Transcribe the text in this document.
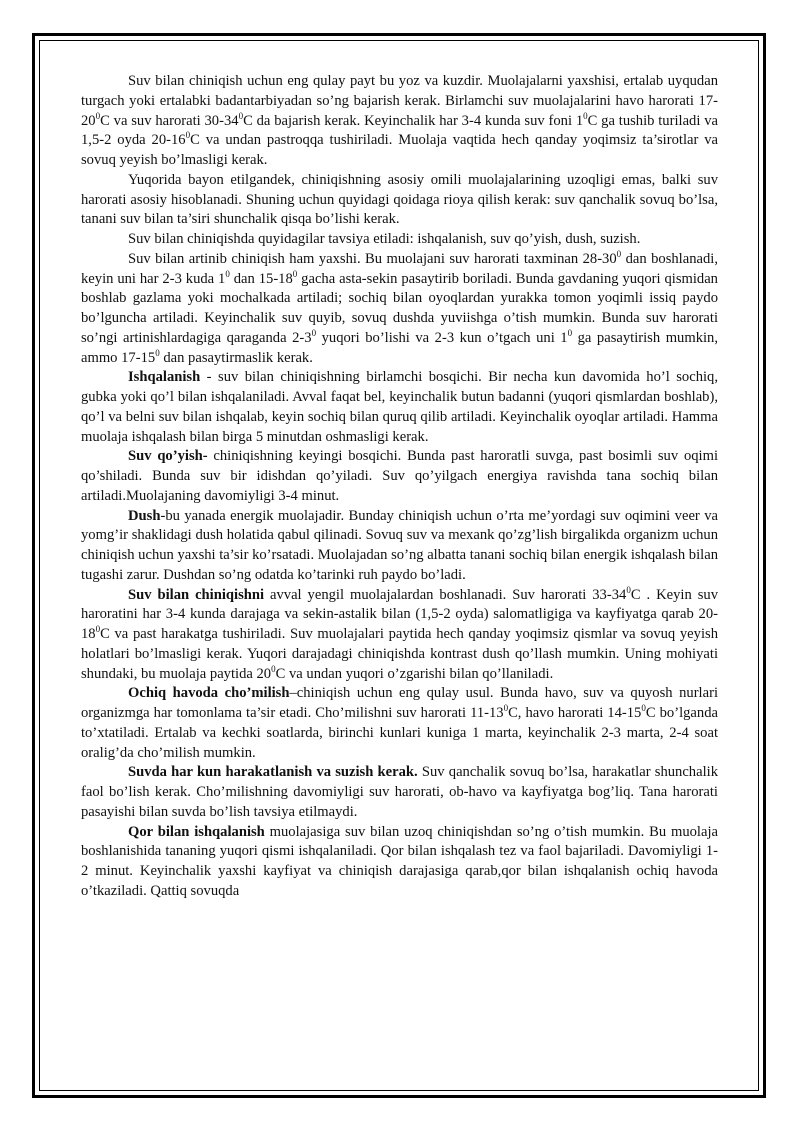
Suv bilan chiniqish uchun eng qulay payt bu yoz va kuzdir. Muolajalarni yaxshisi, ertalab uyqudan turgach yoki ertalabki badantarbiyadan so’ng bajarish kerak. Birlamchi suv muolajalarini havo harorati $17-20^0C$ va suv harorati $30-34^0C$ da bajarish kerak. Keyinchalik har 3-4 kunda suv foni $1^0C$ ga tushib turiladi va 1,5-2 oyda $20-16^0C$ va undan pastroqqa tushiriladi. Muolaja vaqtida hech qanday yoqimsiz ta’sirotlar va sovuq yeyish bo’lmasligi kerak.

Yuqorida bayon etilgandek, chiniqishning asosiy omili muolajalarining uzoqligi emas, balki suv harorati asosiy hisoblanadi. Shuning uchun quyidagi qoidaga rioya qilish kerak: suv qanchalik sovuq bo’lsa, tanani suv bilan ta’siri shunchalik qisqa bo’lishi kerak.

Suv bilan chiniqishda quyidagilar tavsiya etiladi: ishqalanish, suv qo’yish, dush, suzish.

Suv bilan artinib chiniqish ham yaxshi. Bu muolajani suv harorati taxminan $28-30^0$ dan boshlanadi, keyin uni har 2-3 kuda $1^0$ dan $15-18^0$ gacha asta-sekin pasaytirib boriladi. Bunda gavdaning yuqori qismidan boshlab gazlama yoki mochalkada artiladi; sochiq bilan oyoqlardan yurakka tomon yoqimli issiq paydo bo’lguncha artiladi. Keyinchalik suv quyib, sovuq dushda yuviishga o’tish mumkin. Bunda suv harorati so’ngi artinishlardagiga qaraganda $2-3^0$ yuqori bo’lishi va 2-3 kun o’tgach uni $1^0$ ga pasaytirish mumkin, ammo $17-15^0$ dan pasaytirmaslik kerak.

Ishqalanish - suv bilan chiniqishning birlamchi bosqichi. Bir necha kun davomida ho’l sochiq, gubka yoki qo’l bilan ishqalaniladi. Avval faqat bel, keyinchalik butun badanni (yuqori qismlardan boshlab), qo’l va belni suv bilan ishqalab, keyin sochiq bilan quruq qilib artiladi. Keyinchalik oyoqlar artiladi. Hamma muolaja ishqalash bilan birga 5 minutdan oshmasligi kerak.

Suv qo’yish- chiniqishning keyingi bosqichi. Bunda past haroratli suvga, past bosimli suv oqimi qo’shiladi. Bunda suv bir idishdan qo’yiladi. Suv qo’yilgach energiya ravishda tana sochiq bilan artiladi.Muolajaning davomiyligi 3-4 minut.

Dush-bu yanada energik muolajadir. Bunday chiniqish uchun o’rta me’yordagi suv oqimini veer va yomg’ir shaklidagi dush holatida qabul qilinadi. Sovuq suv va mexank qo’zg’lish birgalikda organizm uchun chiniqish uchun yaxshi ta’sir ko’rsatadi. Muolajadan so’ng albatta tanani sochiq bilan energik ishqalash bilan tugashi zarur. Dushdan so’ng odatda ko’tarinki ruh paydo bo’ladi.

Suv bilan chiniqishni avval yengil muolajalardan boshlanadi. Suv harorati $33-34^0C$ . Keyin suv haroratini har 3-4 kunda darajaga va sekin-astalik bilan (1,5-2 oyda) salomatligiga va kayfiyatga qarab $20-18^0C$ va past harakatga tushiriladi. Suv muolajalari paytida hech qanday yoqimsiz qismlar va sovuq yeyish holatlari bo’lmasligi kerak. Yuqori darajadagi chiniqishda kontrast dush qo’llash mumkin. Uning mohiyati shundaki, bu muolaja paytida $20^0C$ va undan yuqori o’zgarishi bilan qo’llaniladi.

Ochiq havoda cho’milish–chiniqish uchun eng qulay usul. Bunda havo, suv va quyosh nurlari organizmga har tomonlama ta’sir etadi. Cho’milishni suv harorati $11-13^0C$, havo harorati $14-15^0C$ bo’lganda to’xtatiladi. Ertalab va kechki soatlarda, birinchi kunlari kuniga 1 marta, keyinchalik 2-3 marta, 2-4 soat oralig’da cho’milish mumkin.

Suvda har kun harakatlanish va suzish kerak. Suv qanchalik sovuq bo’lsa, harakatlar shunchalik faol bo’lish kerak. Cho’milishning davomiyligi suv harorati, ob-havo va kayfiyatga bog’liq. Tana harorati pasayishi bilan suvda bo’lish tavsiya etilmaydi.

Qor bilan ishqalanish muolajasiga suv bilan uzoq chiniqishdan so’ng o’tish mumkin. Bu muolaja boshlanishida tananing yuqori qismi ishqalaniladi. Qor bilan ishqalash tez va faol bajariladi. Davomiyligi 1-2 minut. Keyinchalik yaxshi kayfiyat va chiniqish darajasiga qarab,qor bilan ishqalanish ochiq havoda o’tkaziladi. Qattiq sovuqda
